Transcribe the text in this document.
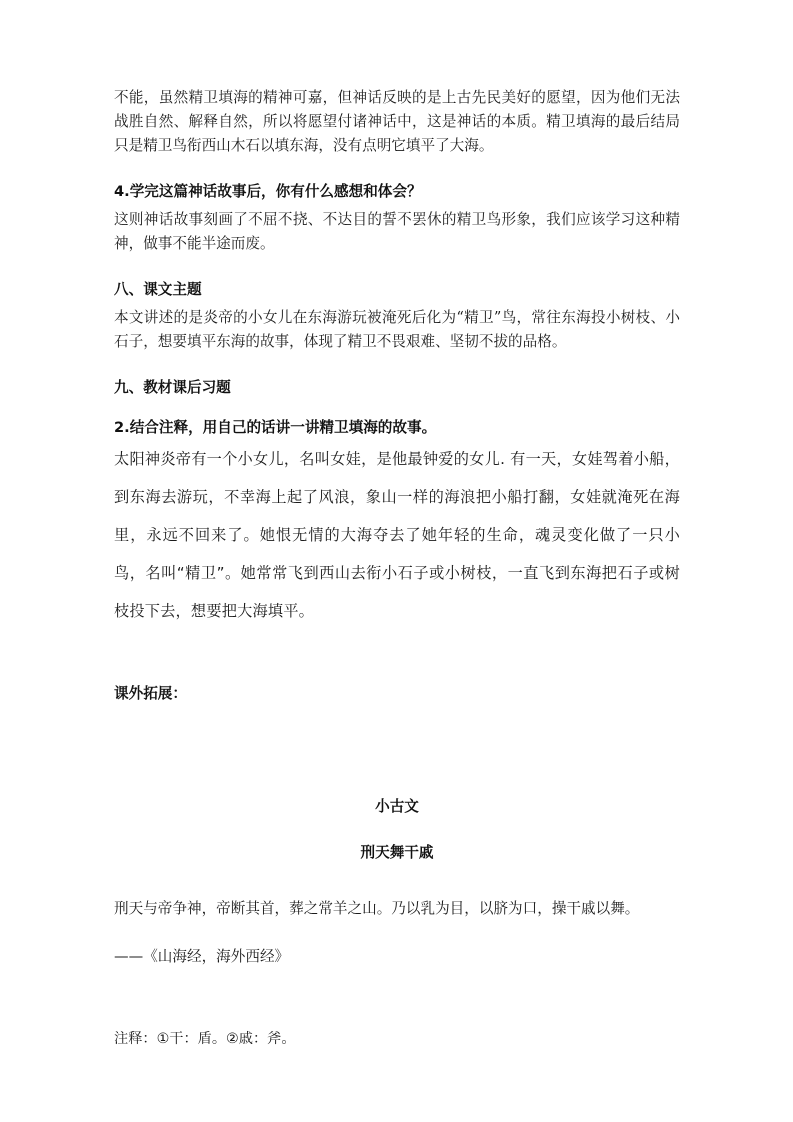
不能，虽然精卫填海的精神可嘉，但神话反映的是上古先民美好的愿望，因为他们无法战胜自然、解释自然，所以将愿望付诸神话中，这是神话的本质。精卫填海的最后结局只是精卫鸟衔西山木石以填东海，没有点明它填平了大海。

4.学完这篇神话故事后，你有什么感想和体会？

这则神话故事刻画了不屈不挠、不达目的誓不罢休的精卫鸟形象，我们应该学习这种精神，做事不能半途而废。

八、课文主题

本文讲述的是炎帝的小女儿在东海游玩被淹死后化为“精卫”鸟，常往东海投小树枝、小石子，想要填平东海的故事，体现了精卫不畏艰难、坚韧不拔的品格。

九、教材课后习题

2.结合注释，用自己的话讲一讲精卫填海的故事。

太阳神炎帝有一个小女儿，名叫女娃，是他最钟爱的女儿. 有一天，女娃驾着小船，到东海去游玩，不幸海上起了风浪，象山一样的海浪把小船打翻，女娃就淹死在海里，永远不回来了。她恨无情的大海夺去了她年轻的生命，魂灵变化做了一只小鸟，名叫“精卫”。她常常飞到西山去衔小石子或小树枝，一直飞到东海把石子或树枝投下去，想要把大海填平。

课外拓展：

小古文

刑天舞干戚

刑天与帝争神，帝断其首，葬之常羊之山。乃以乳为目，以脐为口，操干戚以舞。

——《山海经，海外西经》

注释：①干：盾。②戚：斧。
